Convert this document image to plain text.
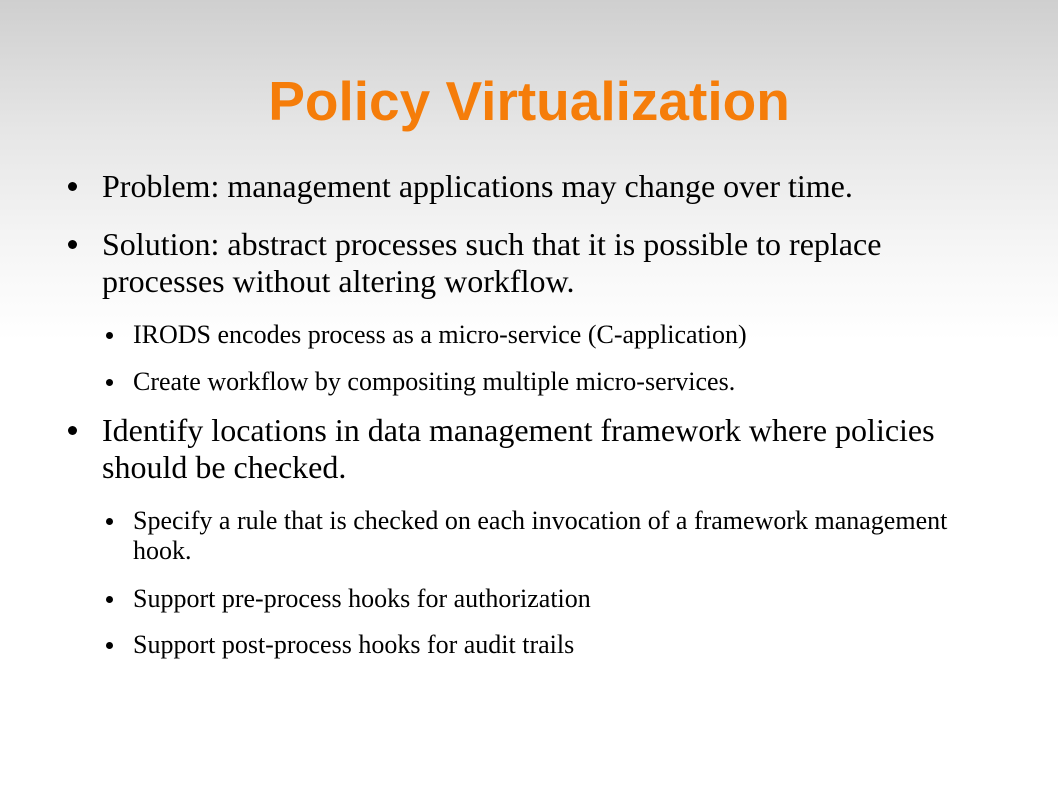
Policy Virtualization
Problem: management applications may change over time.
Solution: abstract processes such that it is possible to replace processes without altering workflow.
IRODS encodes process as a micro-service (C-application)
Create workflow by compositing multiple micro-services.
Identify locations in data management framework where policies should be checked.
Specify a rule that is checked on each invocation of a framework management hook.
Support pre-process hooks for authorization
Support post-process hooks for audit trails
